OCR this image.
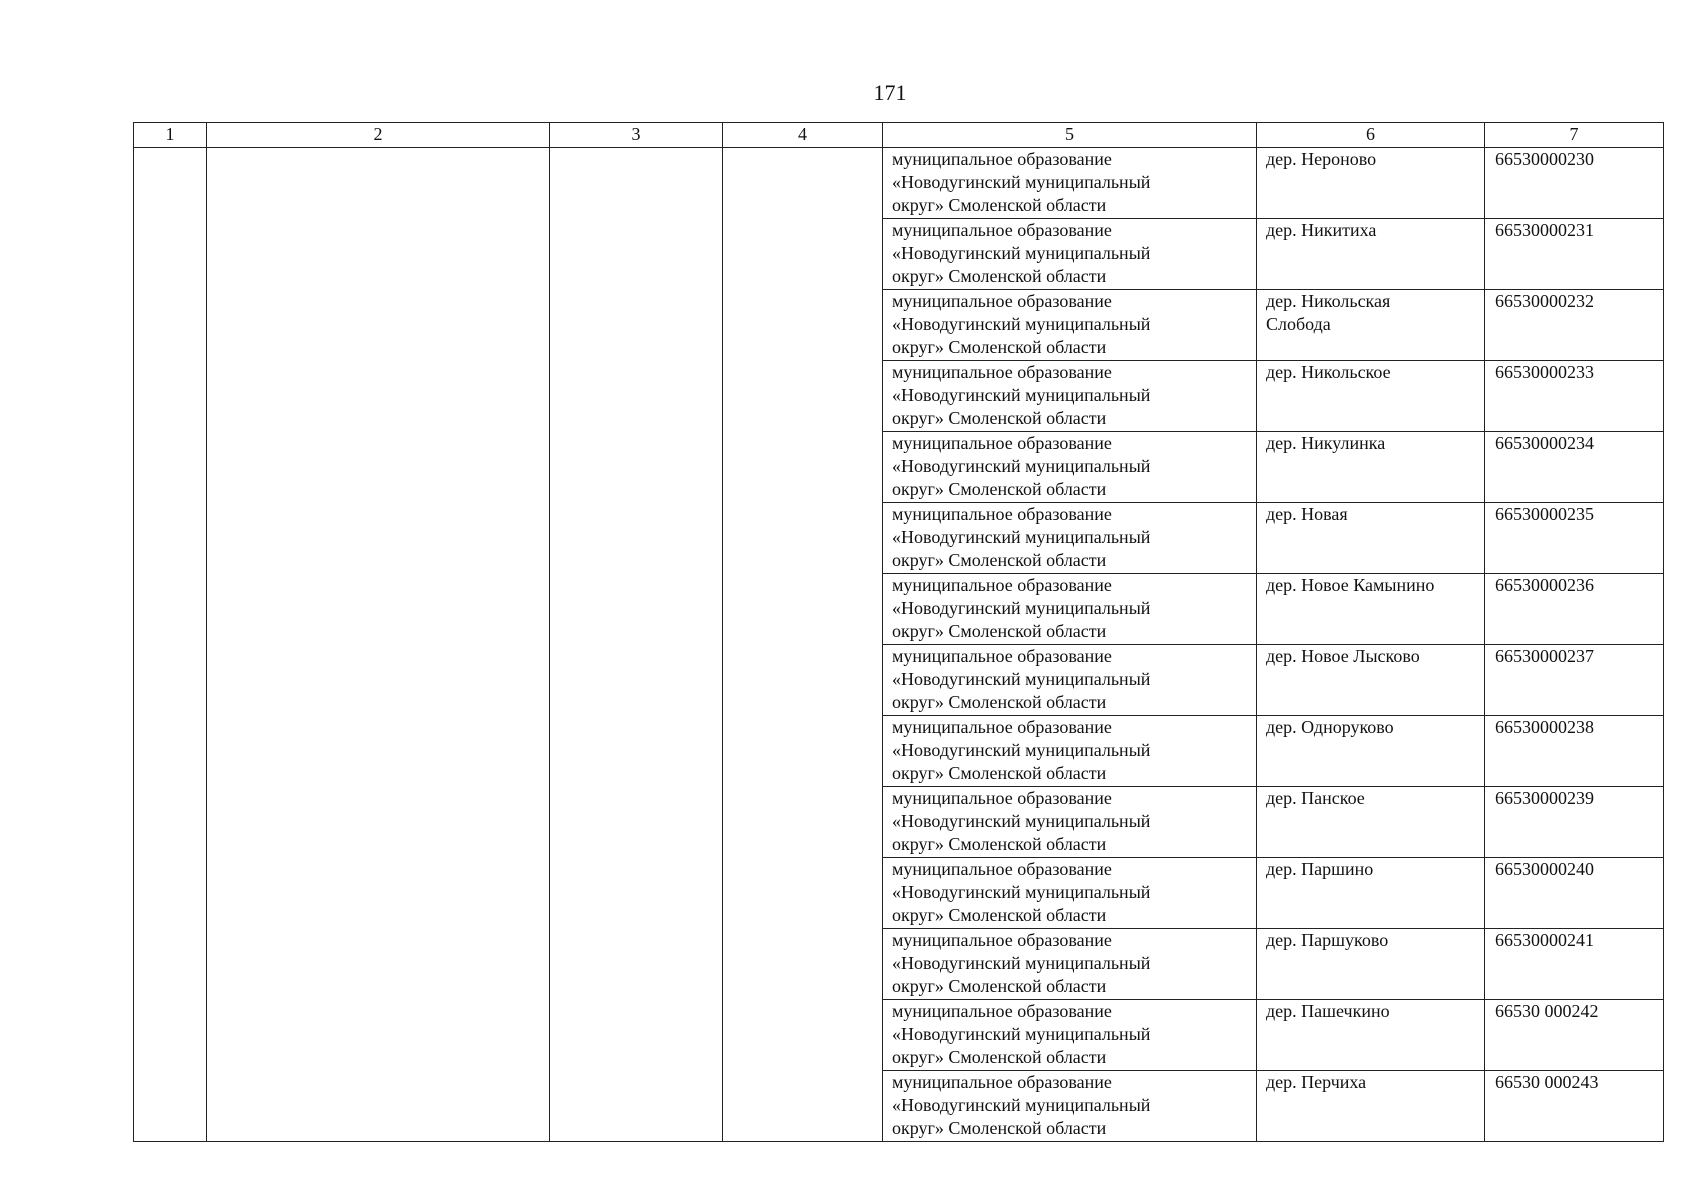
171
1	2	3	4	5	6	7

				муниципальное образование
«Новодугинский муниципальный
округ» Смоленской области	дер. Нероново	66530000230

				муниципальное образование
«Новодугинский муниципальный
округ» Смоленской области	дер. Никитиха	66530000231

				муниципальное образование
«Новодугинский муниципальный
округ» Смоленской области	дер. Никольская Слобода	66530000232

				муниципальное образование
«Новодугинский муниципальный
округ» Смоленской области	дер. Никольское	66530000233

				муниципальное образование
«Новодугинский муниципальный
округ» Смоленской области	дер. Никулинка	66530000234

				муниципальное образование
«Новодугинский муниципальный
округ» Смоленской области	дер. Новая	66530000235

				муниципальное образование
«Новодугинский муниципальный
округ» Смоленской области	дер. Новое Камынино	66530000236

				муниципальное образование
«Новодугинский муниципальный
округ» Смоленской области	дер. Новое Лысково	66530000237

				муниципальное образование
«Новодугинский муниципальный
округ» Смоленской области	дер. Одноруково	66530000238

				муниципальное образование
«Новодугинский муниципальный
округ» Смоленской области	дер. Панское	66530000239

				муниципальное образование
«Новодугинский муниципальный
округ» Смоленской области	дер. Паршино	66530000240

				муниципальное образование
«Новодугинский муниципальный
округ» Смоленской области	дер. Паршуково	66530000241

				муниципальное образование
«Новодугинский муниципальный
округ» Смоленской области	дер. Пашечкино	66530 000242

				муниципальное образование
«Новодугинский муниципальный
округ» Смоленской области	дер. Перчиха	66530 000243
